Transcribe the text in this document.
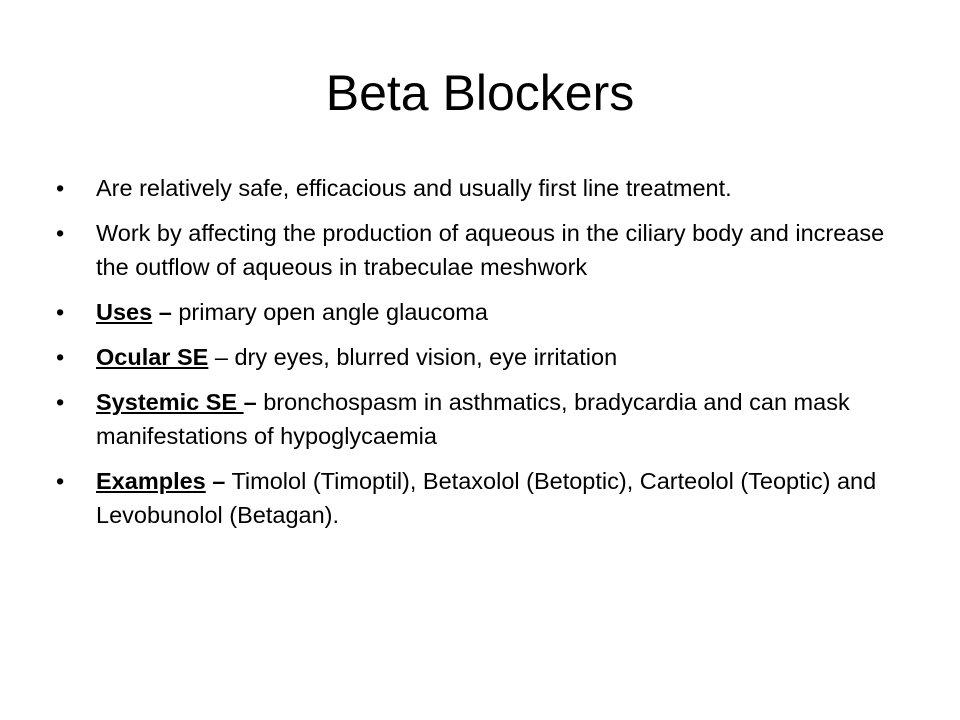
Beta Blockers
•	Are relatively safe, efficacious and usually first line treatment.
•	Work by affecting the production of aqueous in the ciliary body and increase the outflow of aqueous in trabeculae meshwork
•	Uses – primary open angle glaucoma
•	Ocular SE – dry eyes, blurred vision, eye irritation
•	Systemic SE – bronchospasm in asthmatics, bradycardia and can mask manifestations of hypoglycaemia
•	Examples – Timolol (Timoptil), Betaxolol (Betoptic), Carteolol (Teoptic) and Levobunolol (Betagan).
